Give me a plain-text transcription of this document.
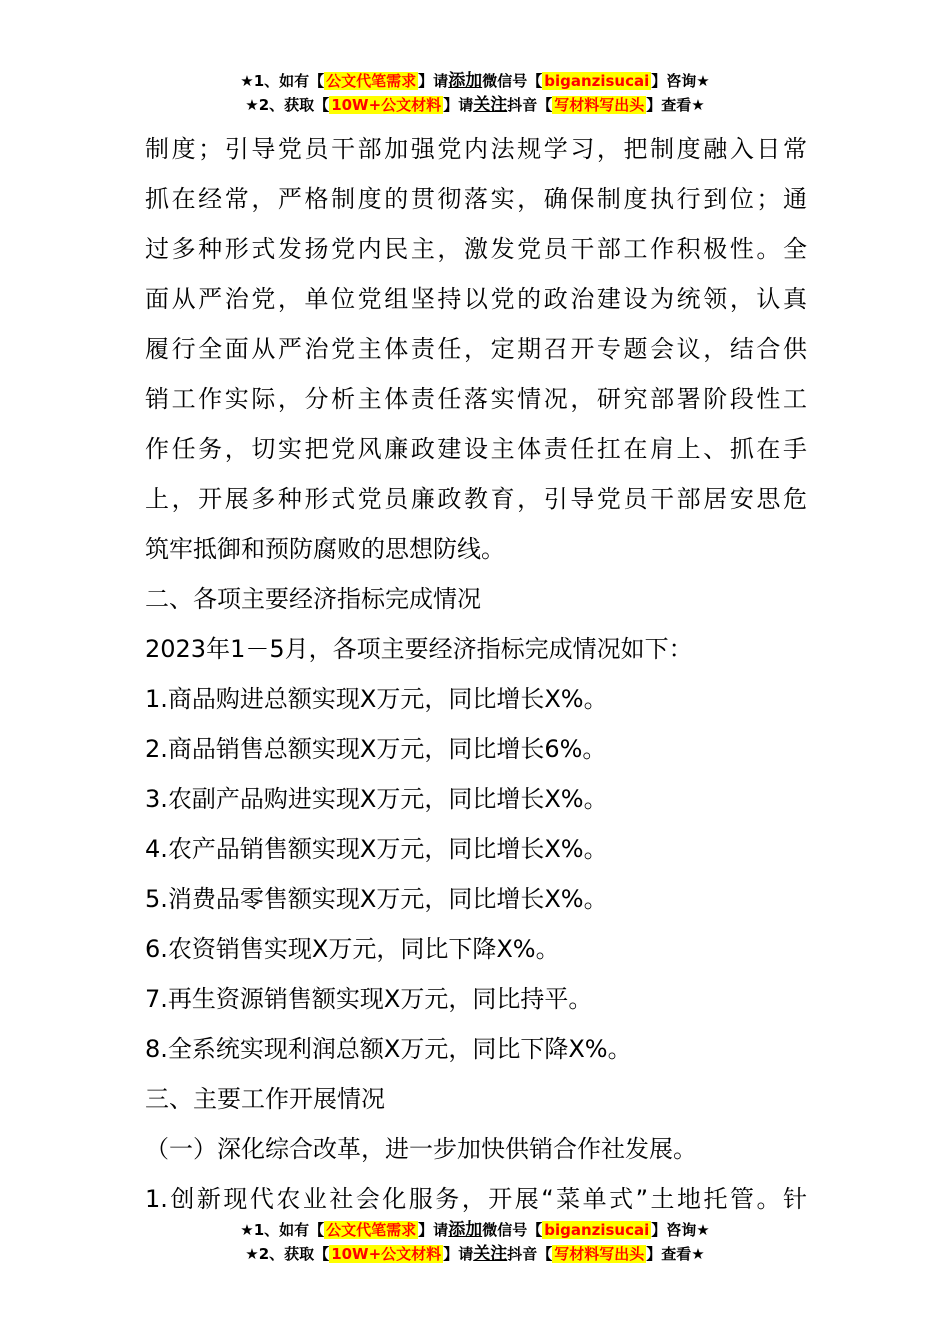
★1、如有【 公文代笔需求 】请添加微信号【 biganzisucai 】咨询★
★2、获取【 10W+公文材料 】请关注抖音【 写材料写出头 】查看★
制度；引导党员干部加强党内法规学习，把制度融入日常
抓在经常，严格制度的贯彻落实，确保制度执行到位；通
过多种形式发扬党内民主，激发党员干部工作积极性。全
面从严治党，单位党组坚持以党的政治建设为统领，认真
履行全面从严治党主体责任，定期召开专题会议，结合供
销工作实际，分析主体责任落实情况，研究部署阶段性工
作任务，切实把党风廉政建设主体责任扛在肩上、抓在手
上，开展多种形式党员廉政教育，引导党员干部居安思危
筑牢抵御和预防腐败的思想防线。
二、各项主要经济指标完成情况
2023年1－5月，各项主要经济指标完成情况如下：
1.商品购进总额实现X万元，同比增长X%。
2.商品销售总额实现X万元，同比增长6%。
3.农副产品购进实现X万元，同比增长X%。
4.农产品销售额实现X万元，同比增长X%。
5.消费品零售额实现X万元，同比增长X%。
6.农资销售实现X万元，同比下降X%。
7.再生资源销售额实现X万元，同比持平。
8.全系统实现利润总额X万元，同比下降X%。
三、主要工作开展情况
（一）深化综合改革，进一步加快供销合作社发展。
1.创新现代农业社会化服务，开展“菜单式”土地托管。针
★1、如有【 公文代笔需求 】请添加微信号【 biganzisucai 】咨询★
★2、获取【 10W+公文材料 】请关注抖音【 写材料写出头 】查看★
